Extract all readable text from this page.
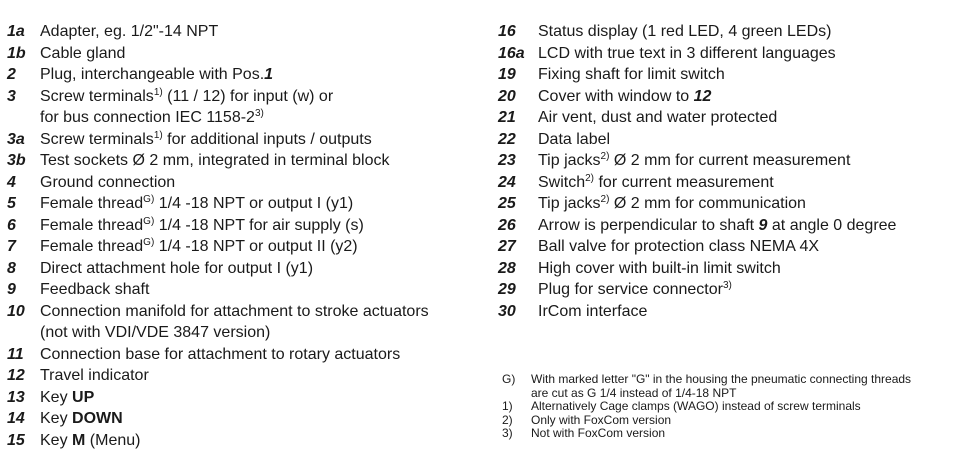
1a Adapter, eg. 1/2"-14 NPT
1b Cable gland
2	Plug, interchangeable with Pos.1
3	Screw terminals$^{1)}$ (11 / 12) for input (w) or
for bus connection IEC 1158-2$^{3)}$
3a Screw terminals$^{1)}$ for additional inputs / outputs
3b Test sockets Ø 2 mm, integrated in terminal block
4	Ground connection
5	Female thread$^{G)}$ 1/4 -18 NPT or output I (y1)
6	Female thread$^{G)}$ 1/4 -18 NPT for air supply (s)
7	Female thread$^{G)}$ 1/4 -18 NPT or output II (y2)
8	Direct attachment hole for output I (y1)
9	Feedback shaft
10 Connection manifold for attachment to stroke actuators
(not with VDI/VDE 3847 version)
11	Connection base for attachment to rotary actuators
12 Travel indicator
13 Key UP
14 Key DOWN
15 Key M (Menu)
16	Status display (1 red LED, 4 green LEDs)
16a LCD with true text in 3 different languages
19	Fixing shaft for limit switch
20	Cover with window to 12
21	Air vent, dust and water protected
22	Data label
23	Tip jacks$^{2)}$ Ø 2 mm for current measurement
24	Switch$^{2)}$ for current measurement
25	Tip jacks$^{2)}$ Ø 2 mm for communication
26	Arrow is perpendicular to shaft 9 at angle 0 degree
27	Ball valve for protection class NEMA 4X
28	High cover with built-in limit switch
29	Plug for service connector$^{3)}$
30	IrCom interface
G)	With marked letter "G" in the housing the pneumatic connecting threads
are cut as G 1/4 instead of 1/4-18 NPT
1)	Alternatively Cage clamps (WAGO) instead of screw terminals
2)	Only with FoxCom version
3)	Not with FoxCom version
